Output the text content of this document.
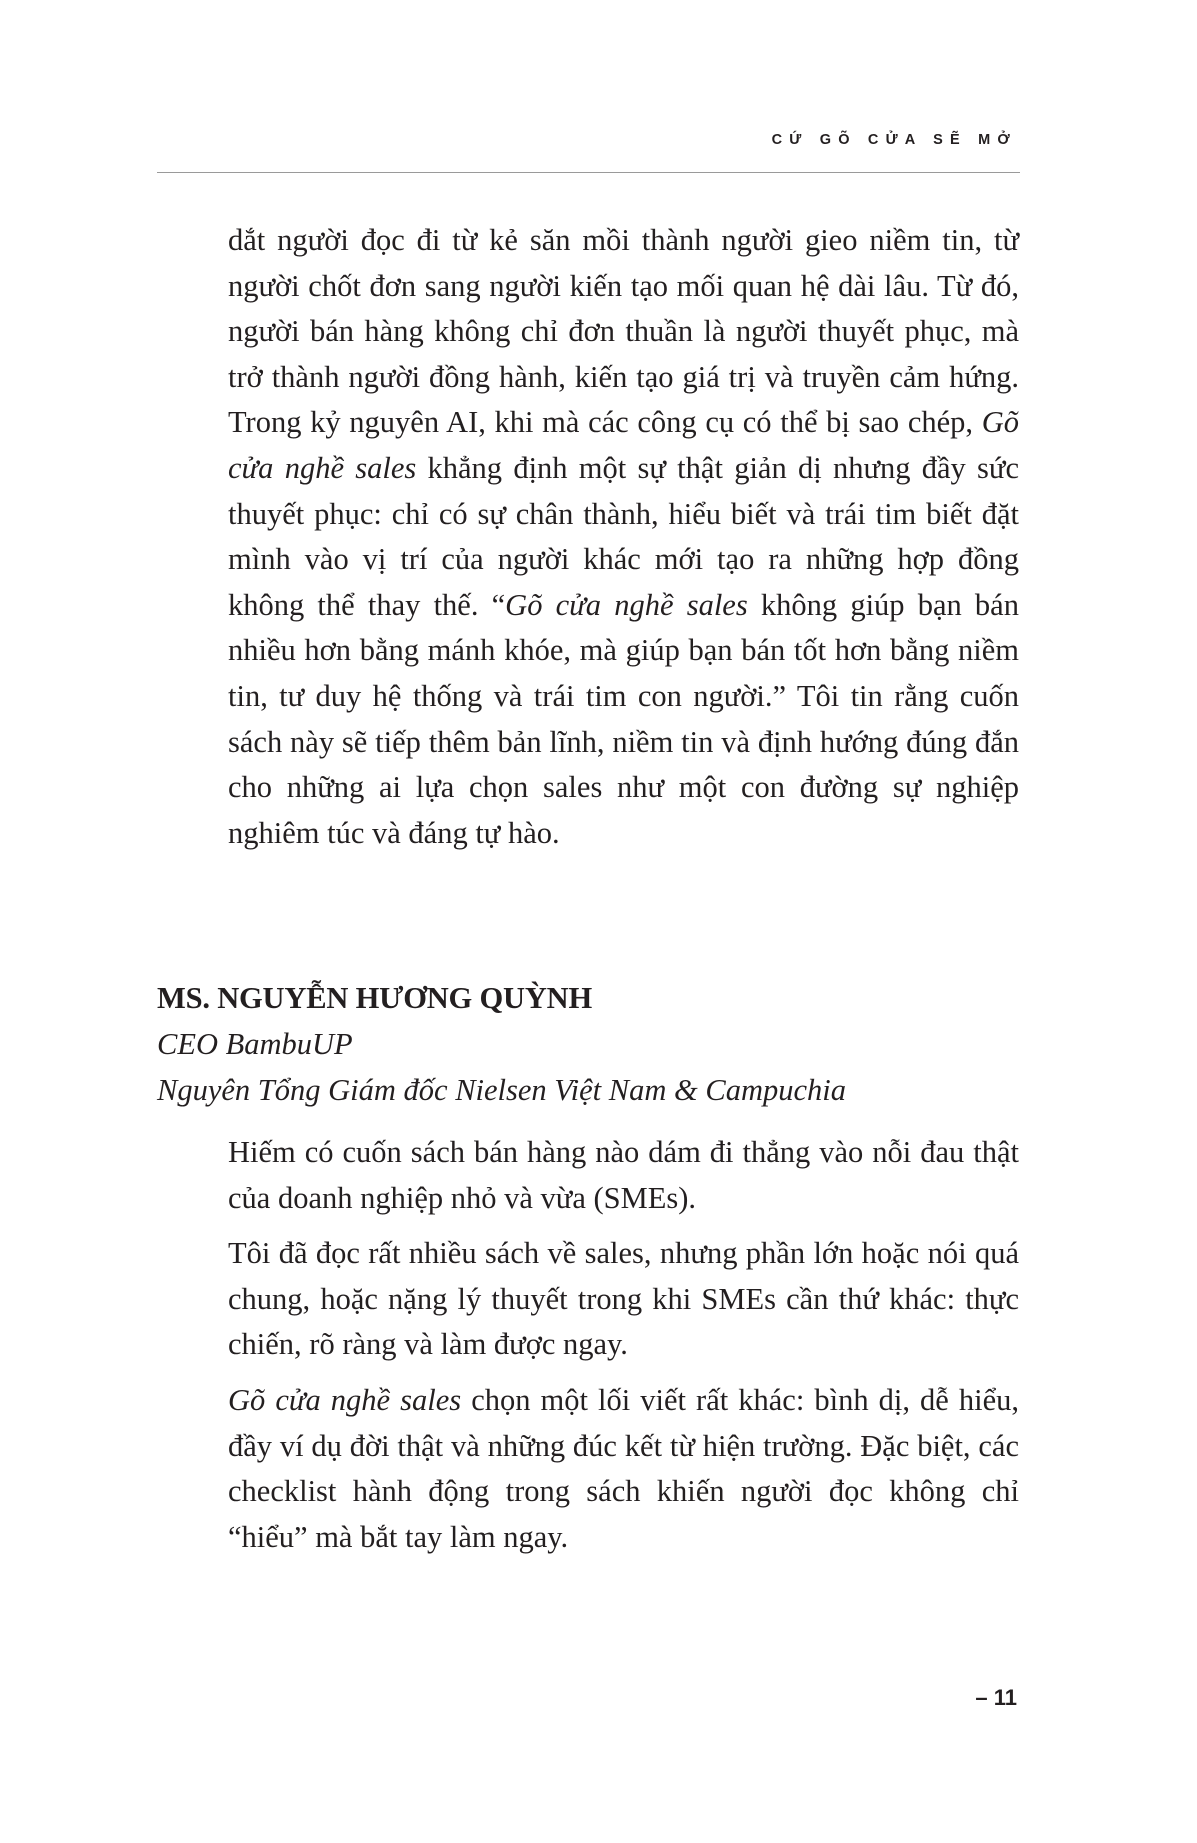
CỨ GÕ CỬA SẼ MỞ

dắt người đọc đi từ kẻ săn mồi thành người gieo niềm tin, từ người chốt đơn sang người kiến tạo mối quan hệ dài lâu. Từ đó, người bán hàng không chỉ đơn thuần là người thuyết phục, mà trở thành người đồng hành, kiến tạo giá trị và truyền cảm hứng. Trong kỷ nguyên AI, khi mà các công cụ có thể bị sao chép, Gõ cửa nghề sales khẳng định một sự thật giản dị nhưng đầy sức thuyết phục: chỉ có sự chân thành, hiểu biết và trái tim biết đặt mình vào vị trí của người khác mới tạo ra những hợp đồng không thể thay thế. “Gõ cửa nghề sales không giúp bạn bán nhiều hơn bằng mánh khóe, mà giúp bạn bán tốt hơn bằng niềm tin, tư duy hệ thống và trái tim con người.” Tôi tin rằng cuốn sách này sẽ tiếp thêm bản lĩnh, niềm tin và định hướng đúng đắn cho những ai lựa chọn sales như một con đường sự nghiệp nghiêm túc và đáng tự hào.

MS. NGUYỄN HƯƠNG QUỲNH
CEO BambuUP
Nguyên Tổng Giám đốc Nielsen Việt Nam & Campuchia

Hiếm có cuốn sách bán hàng nào dám đi thẳng vào nỗi đau thật của doanh nghiệp nhỏ và vừa (SMEs).

Tôi đã đọc rất nhiều sách về sales, nhưng phần lớn hoặc nói quá chung, hoặc nặng lý thuyết trong khi SMEs cần thứ khác: thực chiến, rõ ràng và làm được ngay.

Gõ cửa nghề sales chọn một lối viết rất khác: bình dị, dễ hiểu, đầy ví dụ đời thật và những đúc kết từ hiện trường. Đặc biệt, các checklist hành động trong sách khiến người đọc không chỉ “hiểu” mà bắt tay làm ngay.

– 11
